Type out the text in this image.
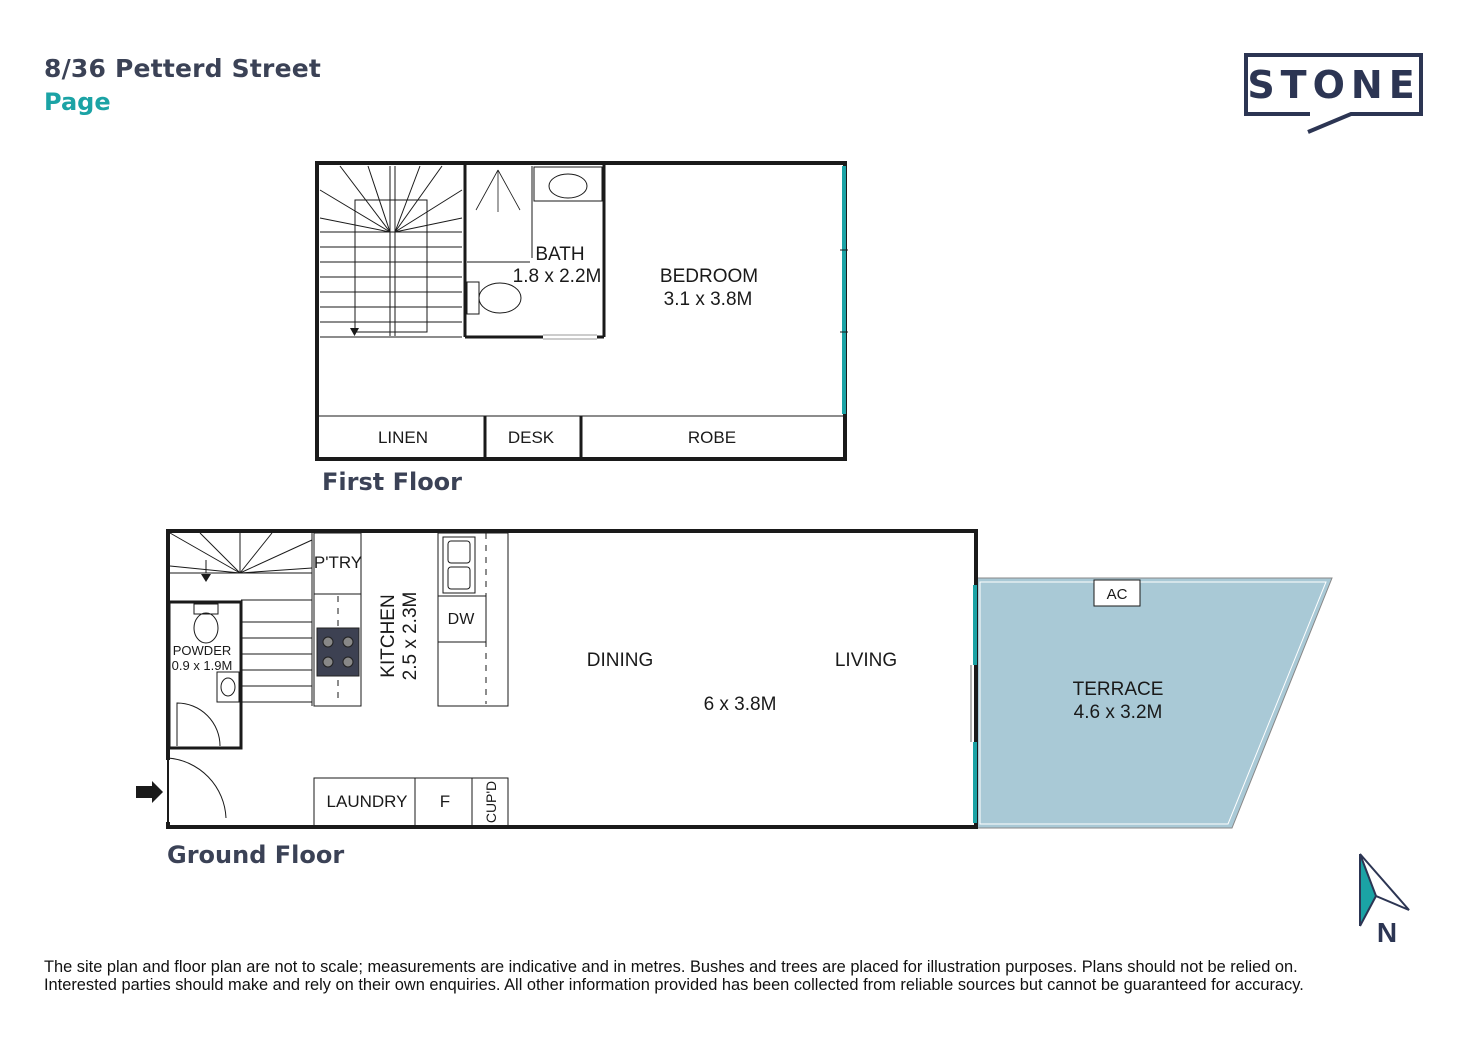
8/36 Petterd Street
Page	STONE
BATH
1.8 x 2.2M	BEDROOM
3.1 x 3.8M
LINEN	DESK	ROBE
First Floor
P'TRY
KITCHEN 2.5 x 2.3M DW
POWDER
0.9 x 1.9M	DINING	LIVING
6 x 3.8M
TERRACE
4.6 x 3.2M
AC
LAUNDRY F CUP'D
Ground Floor
N
The site plan and floor plan are not to scale; measurements are indicative and in metres. Bushes and trees are placed for illustration purposes. Plans should not be relied on.
Interested parties should make and rely on their own enquiries. All other information provided has been collected from reliable sources but cannot be guaranteed for accuracy.
